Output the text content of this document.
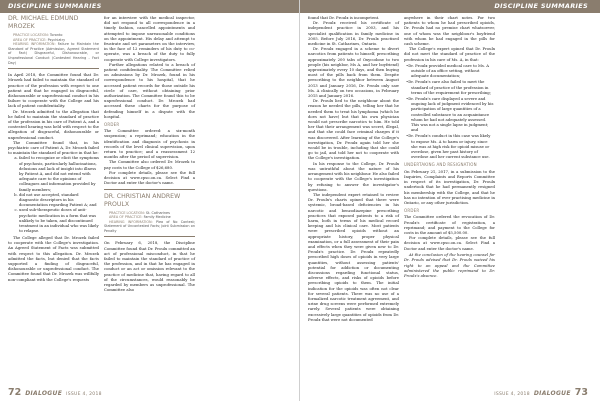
DISCIPLINE SUMMARIES
DR. MICHAEL EDMUND MROZEK

PRACTICE LOCATION: Toronto

AREA OF PRACTICE: Psychiatry

HEARING INFORMATION: Failure to Maintain the Standard of Practice (Admission, Agreed Statement of Fact) Disgraceful, Dishonourable, or Unprofessional Conduct (Contested Hearing - Fact Day)

In April 2018, the Committee found that Dr. Mrozek had failed to maintain the standard of practice of the profession with respect to one patient and that he engaged in disgraceful, dishonourable or unprofessional conduct in his failure to cooperate with the College and his lack of patient confidentiality.

Dr. Mrozek admitted to the allegation that he failed to maintain the standard of practice of the profession in his care of Patient A, and a contested hearing was held with respect to the allegation of disgraceful, dishonourable or unprofessional conduct.

The Committee found that, in his psychiatric care of Patient A, Dr. Mrozek failed to maintain the standard of practice in that he:

a. failed to recognize or elicit the symptoms of psychosis, particularly hallucinations, delusions and lack of insight into illness by Patient A, and did not extend with adequate care to the opinions of colleagues and information provided by family members;
b. did not use accepted, standard diagnostic descriptors in his documentation regarding Patient A; and
c. used sub-therapeutic doses of anti-psychotic medication in a form that was unlikely to be taken, and discontinued treatment in an individual who was likely to relapse.

The College alleged that Dr. Mrozek failed to cooperate with the College's investigation. An Agreed Statement of Facts was submitted with respect to this allegation. Dr. Mrozek admitted the facts, but denied that the facts supported a finding of disgraceful, dishonourable or unprofessional conduct. The Committee found that Dr. Mrozek was willfully non-compliant with the College's requests

for an interview with the medical inspector, did not respond to all correspondence in a timely fashion, cancelled appointments and attempted to impose unreasonable conditions on the appointment. His delay and attempt to frustrate and set parameters on the interview, in the face of 12 reminders of his duty to co-operate, was a breach of the duty to fully cooperate with College investigators.

Further allegations related to a breach of patient confidentiality. The Committee relied on admissions by Dr. Mrozek, found in his correspondence to his hospital, that he accessed patient records for those outside his circle of care, without obtaining prior authorization. The Committee found this to be unprofessional conduct. Dr. Mrozek had accessed these charts for the purpose of defending himself in a dispute with the hospital.

ORDER

The Committee ordered: a six-month suspension; a reprimand; education in the identification and diagnosis of psychosis in records of the level clinical supervision, upon return to practice; and a reassessment 12 months after the period of supervision.

The Committee also ordered Dr. Mrozek to pay costs to the College of $26,680.

For complete details, please see the full decision at www.cpso.on.ca. Select Find a Doctor and enter the doctor's name.

DR. CHRISTIAN ANDREW PROULX

PRACTICE LOCATION: St. Catharines

AREA OF PRACTICE: Family Medicine

HEARING INFORMATION: Plea of No Contest; Statement of Uncontested Facts; Joint Submission on Penalty

On February 6, 2018, the Discipline Committee found that Dr. Proulx committed an act of professional misconduct, in that he failed to maintain the standard of practice of the profession, and in that he has engaged in conduct or an act or omission relevant to the practice of medicine that, having regard to all of the circumstances, would reasonably be regarded by members as unprofessional. The Committee also

72 DIALOGUE ISSUE 4, 2018
DISCIPLINE SUMMARIES

found that Dr. Proulx is incompetent.

Dr. Proulx received his certificate of independent practice in 2003, and his specialist qualification in family medicine in 2005. Before July 2016, Dr. Proulx practised medicine in St. Catharines, Ontario.

Dr. Proulx engaged in a scheme to divert narcotics from patients to himself, prescribing approximately 200 tabs of Oxycodone to two people (his neighbor, Ms A, and her boyfriend) approximately every 10 days, and then buying most of the pills back from them. Despite prescribing to the neighbor between August 2013 and January 2016, Dr. Proulx only saw Ms. A clinically on two occasions, in February 2015 and January 2016.

Dr. Proulx lied to the neighbour about the reason he needed the pills, telling her that he needed them to treat his lymphoma (which he does not have) but that his own physician would not prescribe narcotics to him. He told her that their arrangement was secret, illegal, and that she could face criminal charges if it was discovered. After learning of the College's investigation, Dr. Proulx again told her she would be in trouble, including that she could go to jail, and told her not to cooperate with the College's investigation.

In his response to the College, Dr. Proulx was untruthful about the nature of his arrangement with his neighbour. He also failed to cooperate with the College's investigation by refusing to answer the investigator's questions.

The independent expert retained to review Dr. Proulx's charts opined that there were systemic, broad-based deficiencies in his narcotic and benzodiazepine prescribing practices that exposed patients to a risk of harm, both in terms of his medical record keeping and his clinical care. Most patients were prescribed opioids without an appropriate history, proper physical examination, or a full assessment of their pain and effects when they were given new to Dr. Proulx's practice. Dr. Proulx repeatedly prescribed high doses of opioids in very large quantities, without assessing patients' potential for addiction or documenting discussions regarding functional status, adverse effects, and risks of opioids before prescribing opioids to them. The initial indication for the opioids was often not clear for several patients. There was no use of a formalized narcotic treatment agreement, and urine drug screens were performed extremely rarely. Several patients were obtaining excessively large quantities of opioids from Dr. Proulx that were not documented

anywhere in their chart notes. For two patients to whom he had prescribed opioids, Dr. Proulx had no premise chart whatsoever, one of whom was the neighbour's boyfriend with whom he had engaged in the pills for cash scheme.

The College's expert opined that Dr. Proulx did not meet the standard of practice of the profession in his care of Ms. A, in that:

• Dr. Proulx provided medical care to Ms. A outside of an office setting, without adequate documentation;
• Dr. Proulx's care also failed to meet the standard of practice of the profession in terms of the requirement for prescribing;
• Dr. Proulx's care displayed a severe and ongoing lack of judgment evidenced by his participation of large quantities of a controlled substance to an acquaintance whom he had not adequately assessed. This was not a single lapse in judgment; and
• Dr. Proulx's conduct in this case was likely to expose Ms. A to harm or injury, since she was at high risk for opioid misuse or overdose, given her past history of overdose and her current substance use.
UNDERTAKING AND RESIGNATION

On February 21, 2017, in a submission to the Inquiries, Complaints and Reports Committee in respect of its investigation, Dr. Proulx undertook that he had permanently resigned his membership with the College, and that he has no intention of ever practising medicine in Ontario, or any other jurisdiction.

ORDER

The Committee ordered the revocation of Dr. Proulx's certificate of registration, a reprimand; and payment to the College for costs in the amount of $5,500.00.

For complete details, please see the full decision at www.cpso.on.ca. Select Find a Doctor and enter the doctor's name.

At the conclusion of the hearing counsel for Dr. Proulx advised that Dr. Proulx waived his right to an appeal and the Committee administered the public reprimand to Dr. Proulx's absence.

ISSUE 4, 2018 DIALOGUE 73
